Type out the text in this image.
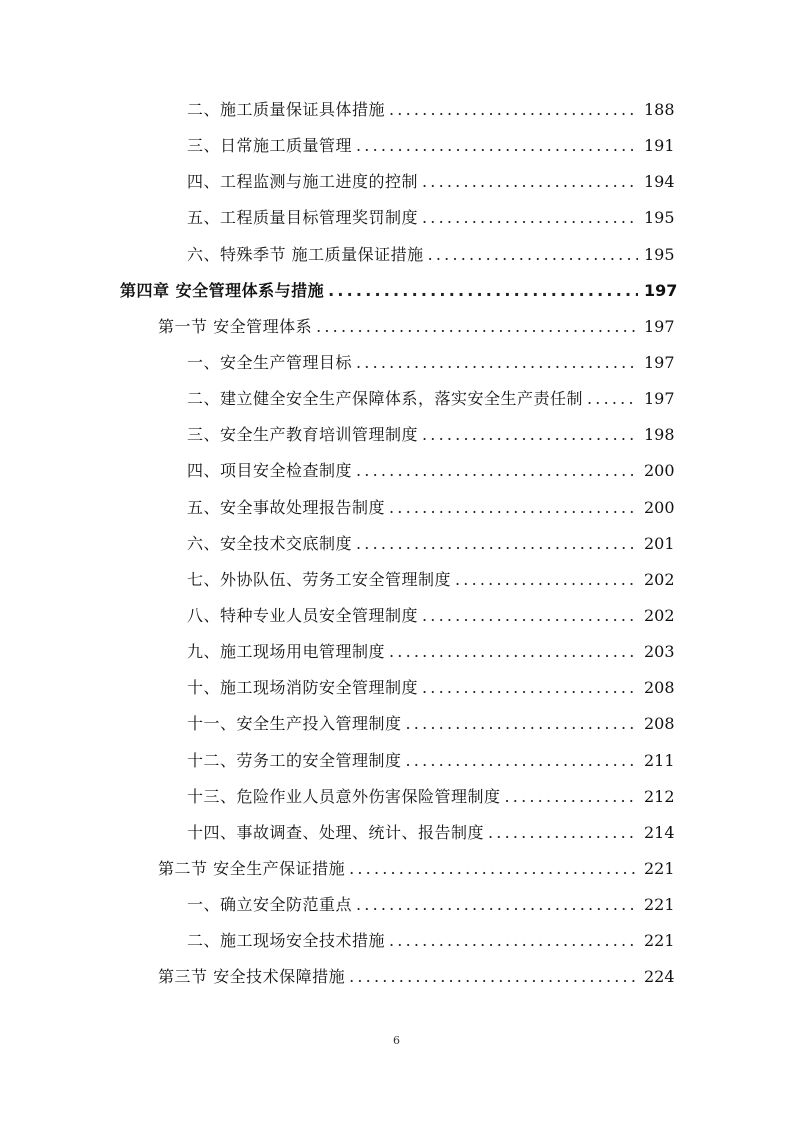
二、施工质量保证具体措施 .....	188
三、日常施工质量管理 .....	191
四、工程监测与施工进度的控制 .....	194
五、工程质量目标管理奖罚制度 .....	195
六、特殊季节 施工质量保证措施 .....	195
第四章 安全管理体系与措施 .....	197
第一节 安全管理体系 .....	197
一、安全生产管理目标 .....	197
二、建立健全安全生产保障体系，落实安全生产责任制 .....	197
三、安全生产教育培训管理制度 .....	198
四、项目安全检查制度 .....	200
五、安全事故处理报告制度 .....	200
六、安全技术交底制度 .....	201
七、外协队伍、劳务工安全管理制度 .....	202
八、特种专业人员安全管理制度 .....	202
九、施工现场用电管理制度 .....	203
十、施工现场消防安全管理制度 .....	208
十一、安全生产投入管理制度 .....	208
十二、劳务工的安全管理制度 .....	211
十三、危险作业人员意外伤害保险管理制度 .....	212
十四、事故调查、处理、统计、报告制度 .....	214
第二节 安全生产保证措施 .....	221
一、确立安全防范重点 .....	221
二、施工现场安全技术措施 .....	221
第三节 安全技术保障措施 .....	224
6
